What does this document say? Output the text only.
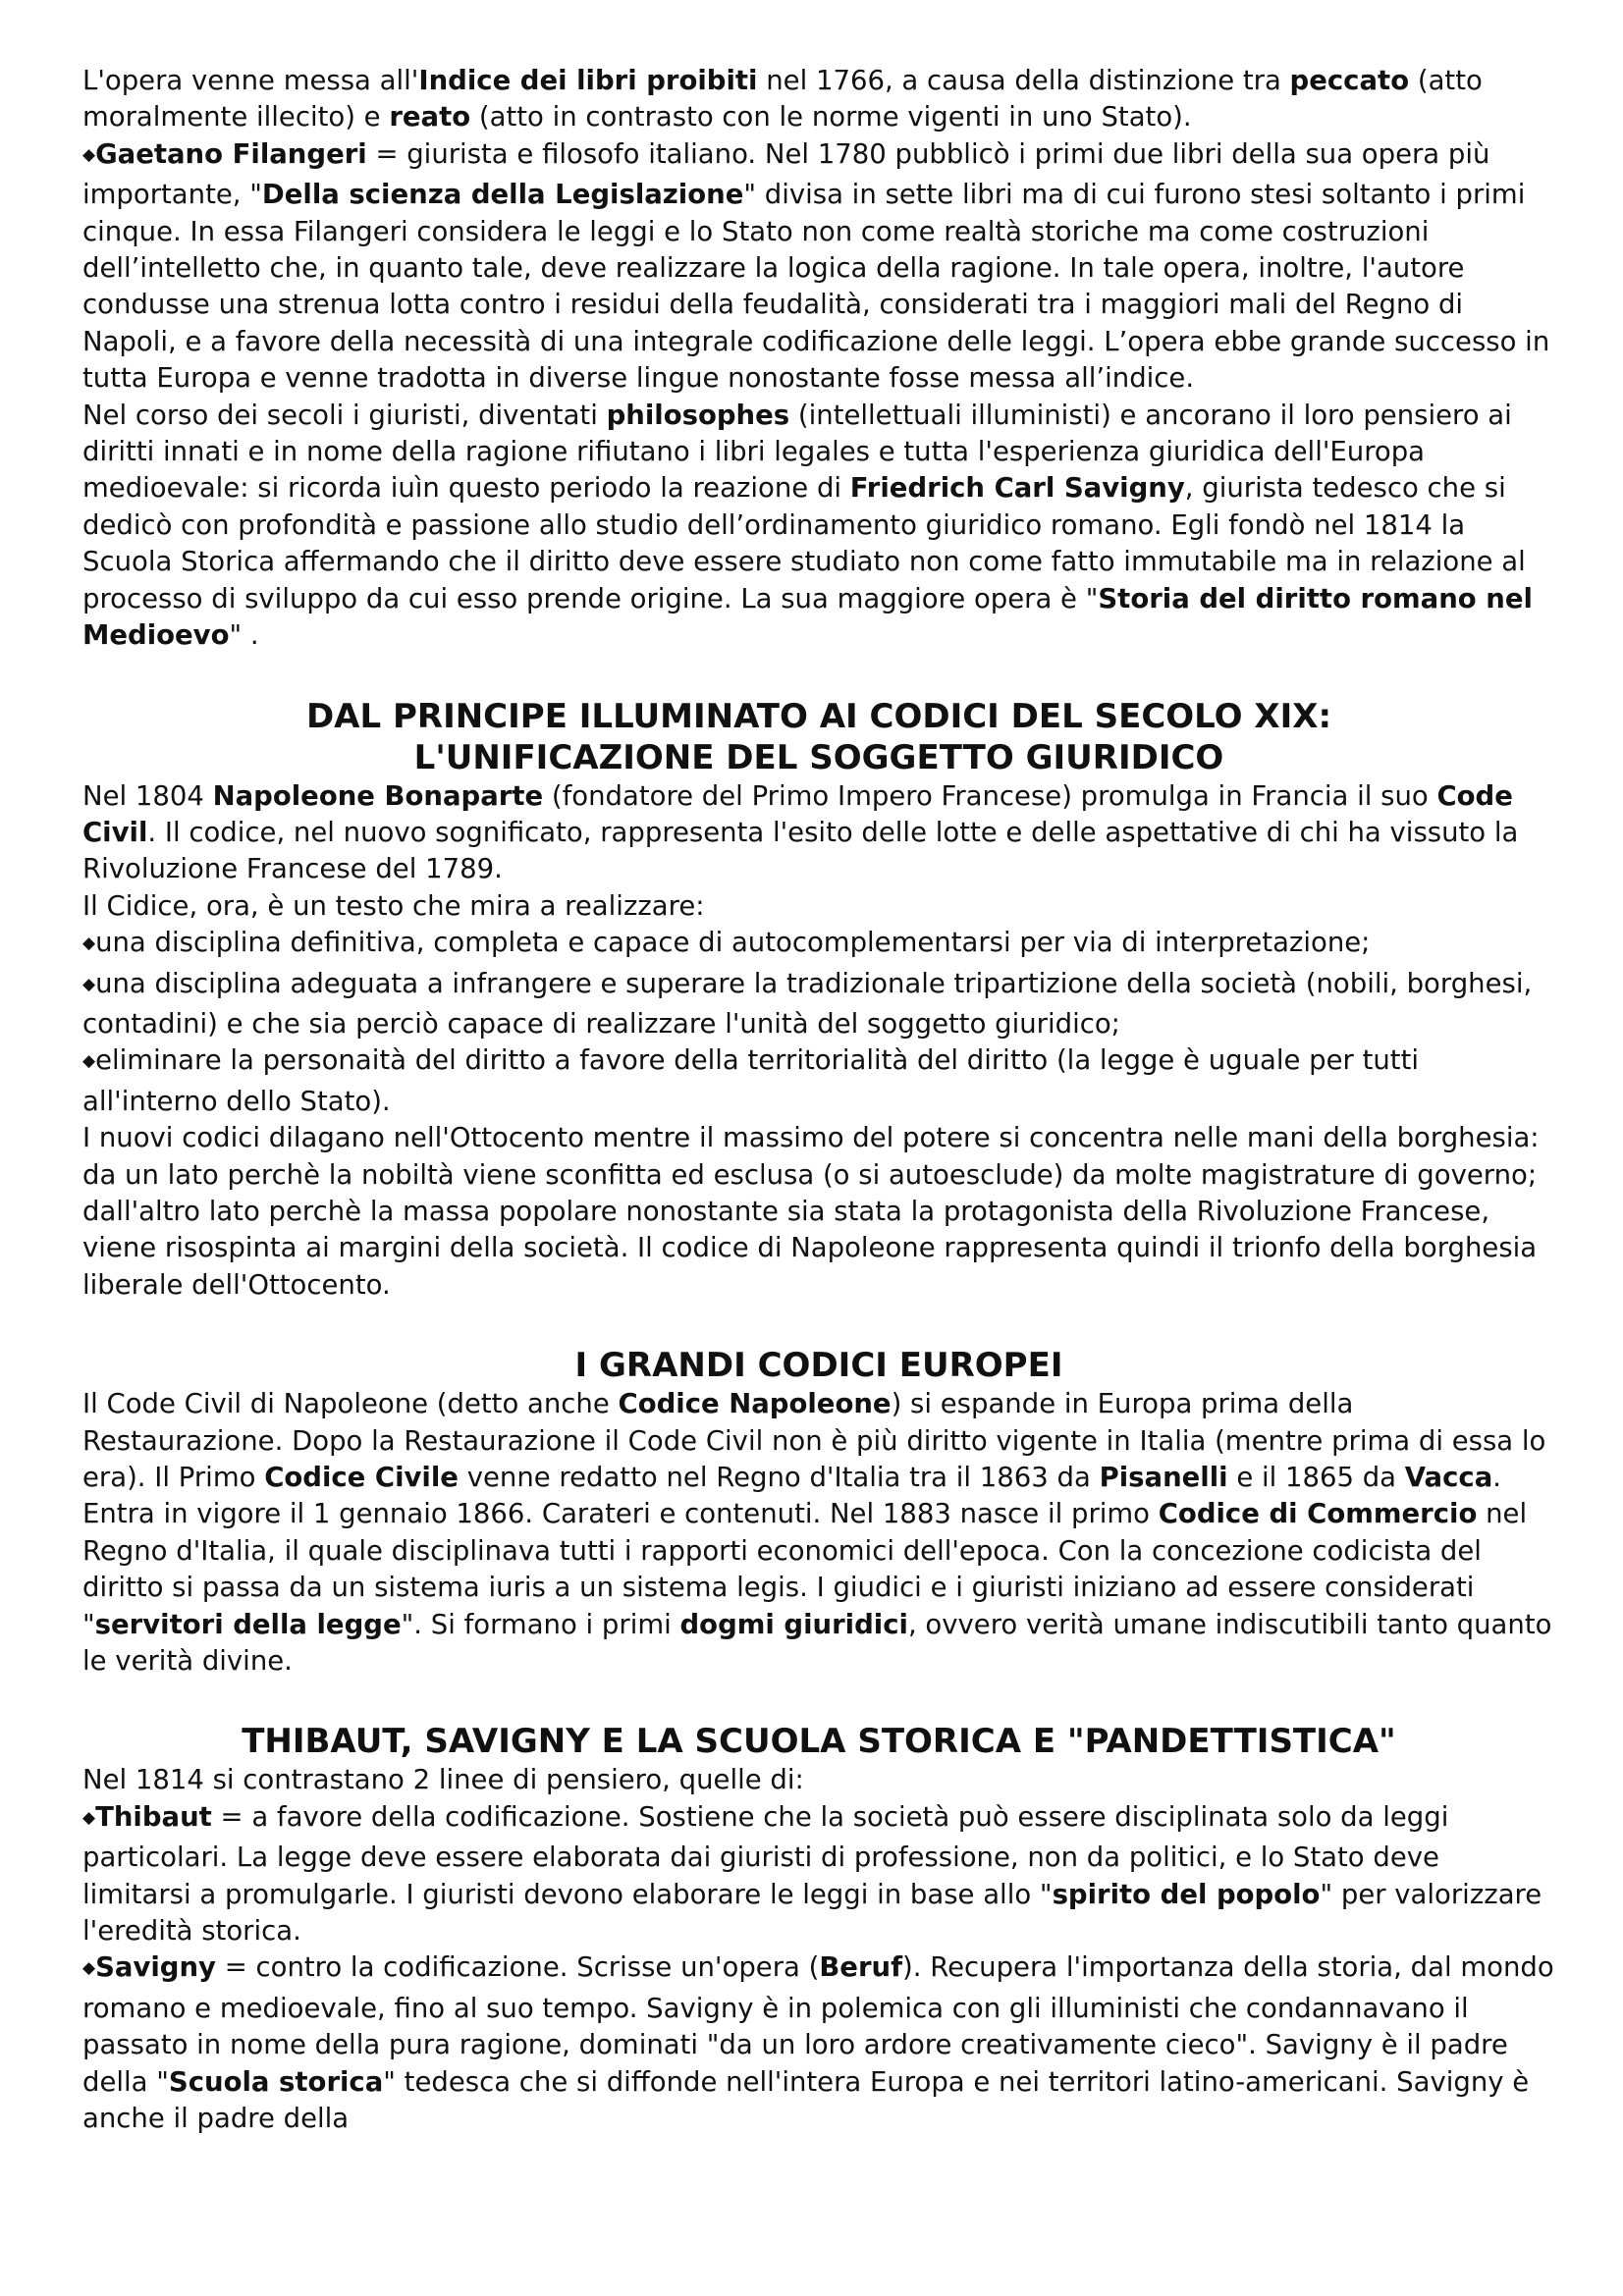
L'opera venne messa all'Indice dei libri proibiti nel 1766, a causa della distinzione tra peccato (atto moralmente illecito) e reato (atto in contrasto con le norme vigenti in uno Stato).

◆ Gaetano Filangeri = giurista e filosofo italiano. Nel 1780 pubblicò i primi due libri della sua opera più importante, "Della scienza della Legislazione" divisa in sette libri ma di cui furono stesi soltanto i primi cinque. In essa Filangeri considera le leggi e lo Stato non come realtà storiche ma come costruzioni dell’intelletto che, in quanto tale, deve realizzare la logica della ragione. In tale opera, inoltre, l'autore condusse una strenua lotta contro i residui della feudalità, considerati tra i maggiori mali del Regno di Napoli, e a favore della necessità di una integrale codificazione delle leggi. L’opera ebbe grande successo in tutta Europa e venne tradotta in diverse lingue nonostante fosse messa all’indice.

Nel corso dei secoli i giuristi, diventati philosophes (intellettuali illuministi) e ancorano il loro pensiero ai diritti innati e in nome della ragione rifiutano i libri legales e tutta l'esperienza giuridica dell'Europa medioevale: si ricorda iuìn questo periodo la reazione di Friedrich Carl Savigny, giurista tedesco che si dedicò con profondità e passione allo studio dell’ordinamento giuridico romano. Egli fondò nel 1814 la Scuola Storica affermando che il diritto deve essere studiato non come fatto immutabile ma in relazione al processo di sviluppo da cui esso prende origine. La sua maggiore opera è "Storia del diritto romano nel Medioevo" .

DAL PRINCIPE ILLUMINATO AI CODICI DEL SECOLO XIX:
L'UNIFICAZIONE DEL SOGGETTO GIURIDICO

Nel 1804 Napoleone Bonaparte (fondatore del Primo Impero Francese) promulga in Francia il suo Code Civil. Il codice, nel nuovo sognificato, rappresenta l'esito delle lotte e delle aspettative di chi ha vissuto la Rivoluzione Francese del 1789.

Il Cidice, ora, è un testo che mira a realizzare:

◆ una disciplina definitiva, completa e capace di autocomplementarsi per via di interpretazione;

◆ una disciplina adeguata a infrangere e superare la tradizionale tripartizione della società (nobili, borghesi, contadini) e che sia perciò capace di realizzare l'unità del soggetto giuridico;

◆ eliminare la personaità del diritto a favore della territorialità del diritto (la legge è uguale per tutti all'interno dello Stato).

I nuovi codici dilagano nell'Ottocento mentre il massimo del potere si concentra nelle mani della borghesia: da un lato perchè la nobiltà viene sconfitta ed esclusa (o si autoesclude) da molte magistrature di governo; dall'altro lato perchè la massa popolare nonostante sia stata la protagonista della Rivoluzione Francese, viene risospinta ai margini della società. Il codice di Napoleone rappresenta quindi il trionfo della borghesia liberale dell'Ottocento.

I GRANDI CODICI EUROPEI

Il Code Civil di Napoleone (detto anche Codice Napoleone) si espande in Europa prima della Restaurazione. Dopo la Restaurazione il Code Civil non è più diritto vigente in Italia (mentre prima di essa lo era). Il Primo Codice Civile venne redatto nel Regno d'Italia tra il 1863 da Pisanelli e il 1865 da Vacca. Entra in vigore il 1 gennaio 1866. Carateri e contenuti. Nel 1883 nasce il primo Codice di Commercio nel Regno d'Italia, il quale disciplinava tutti i rapporti economici dell'epoca. Con la concezione codicista del diritto si passa da un sistema iuris a un sistema legis. I giudici e i giuristi iniziano ad essere considerati "servitori della legge". Si formano i primi dogmi giuridici, ovvero verità umane indiscutibili tanto quanto le verità divine.

THIBAUT, SAVIGNY E LA SCUOLA STORICA E "PANDETTISTICA"

Nel 1814 si contrastano 2 linee di pensiero, quelle di:

◆ Thibaut = a favore della codificazione. Sostiene che la società può essere disciplinata solo da leggi particolari. La legge deve essere elaborata dai giuristi di professione, non da politici, e lo Stato deve limitarsi a promulgarle. I giuristi devono elaborare le leggi in base allo "spirito del popolo" per valorizzare l'eredità storica.

◆ Savigny = contro la codificazione. Scrisse un'opera (Beruf). Recupera l'importanza della storia, dal mondo romano e medioevale, fino al suo tempo. Savigny è in polemica con gli illuministi che condannavano il passato in nome della pura ragione, dominati "da un loro ardore creativamente cieco". Savigny è il padre della "Scuola storica" tedesca che si diffonde nell'intera Europa e nei territori latino-americani. Savigny è anche il padre della
